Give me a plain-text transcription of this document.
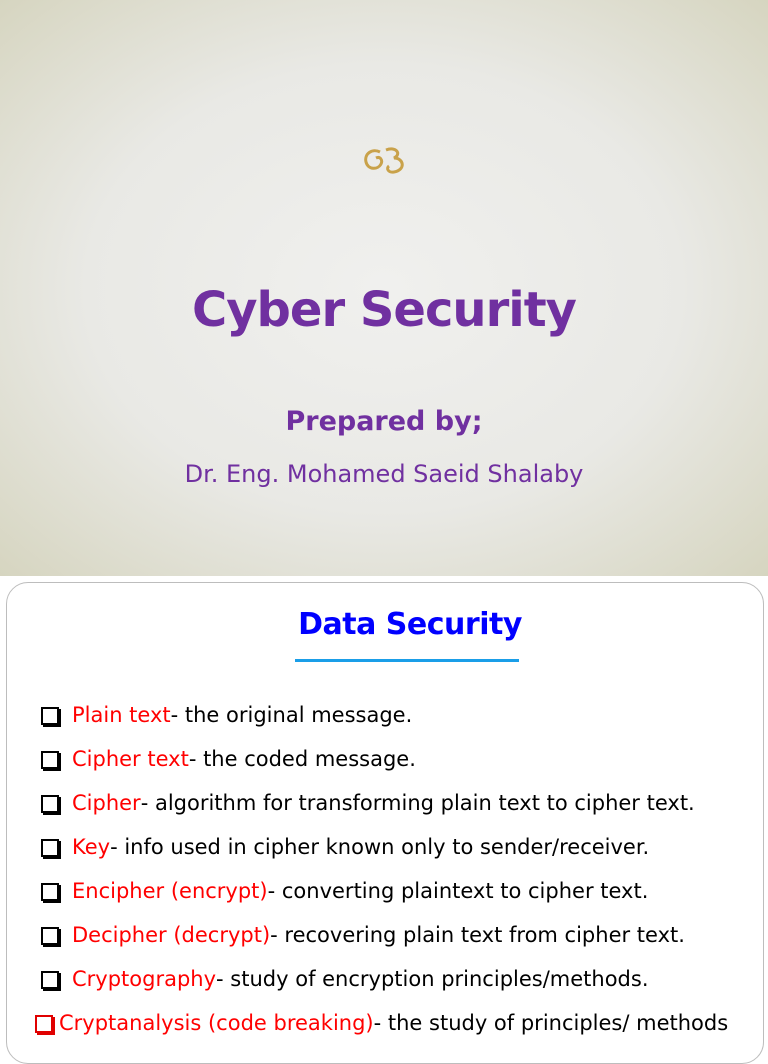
Cyber Security
Prepared by;
Dr. Eng. Mohamed Saeid Shalaby
Data Security
Plain text - the original message.
Cipher text - the coded message.
Cipher - algorithm for transforming plain text to cipher text.
Key - info used in cipher known only to sender/receiver.
Encipher (encrypt) - converting plaintext to cipher text.
Decipher (decrypt) - recovering plain text from cipher text.
Cryptography - study of encryption principles/methods.
Cryptanalysis (code breaking) - the study of principles/ methods
